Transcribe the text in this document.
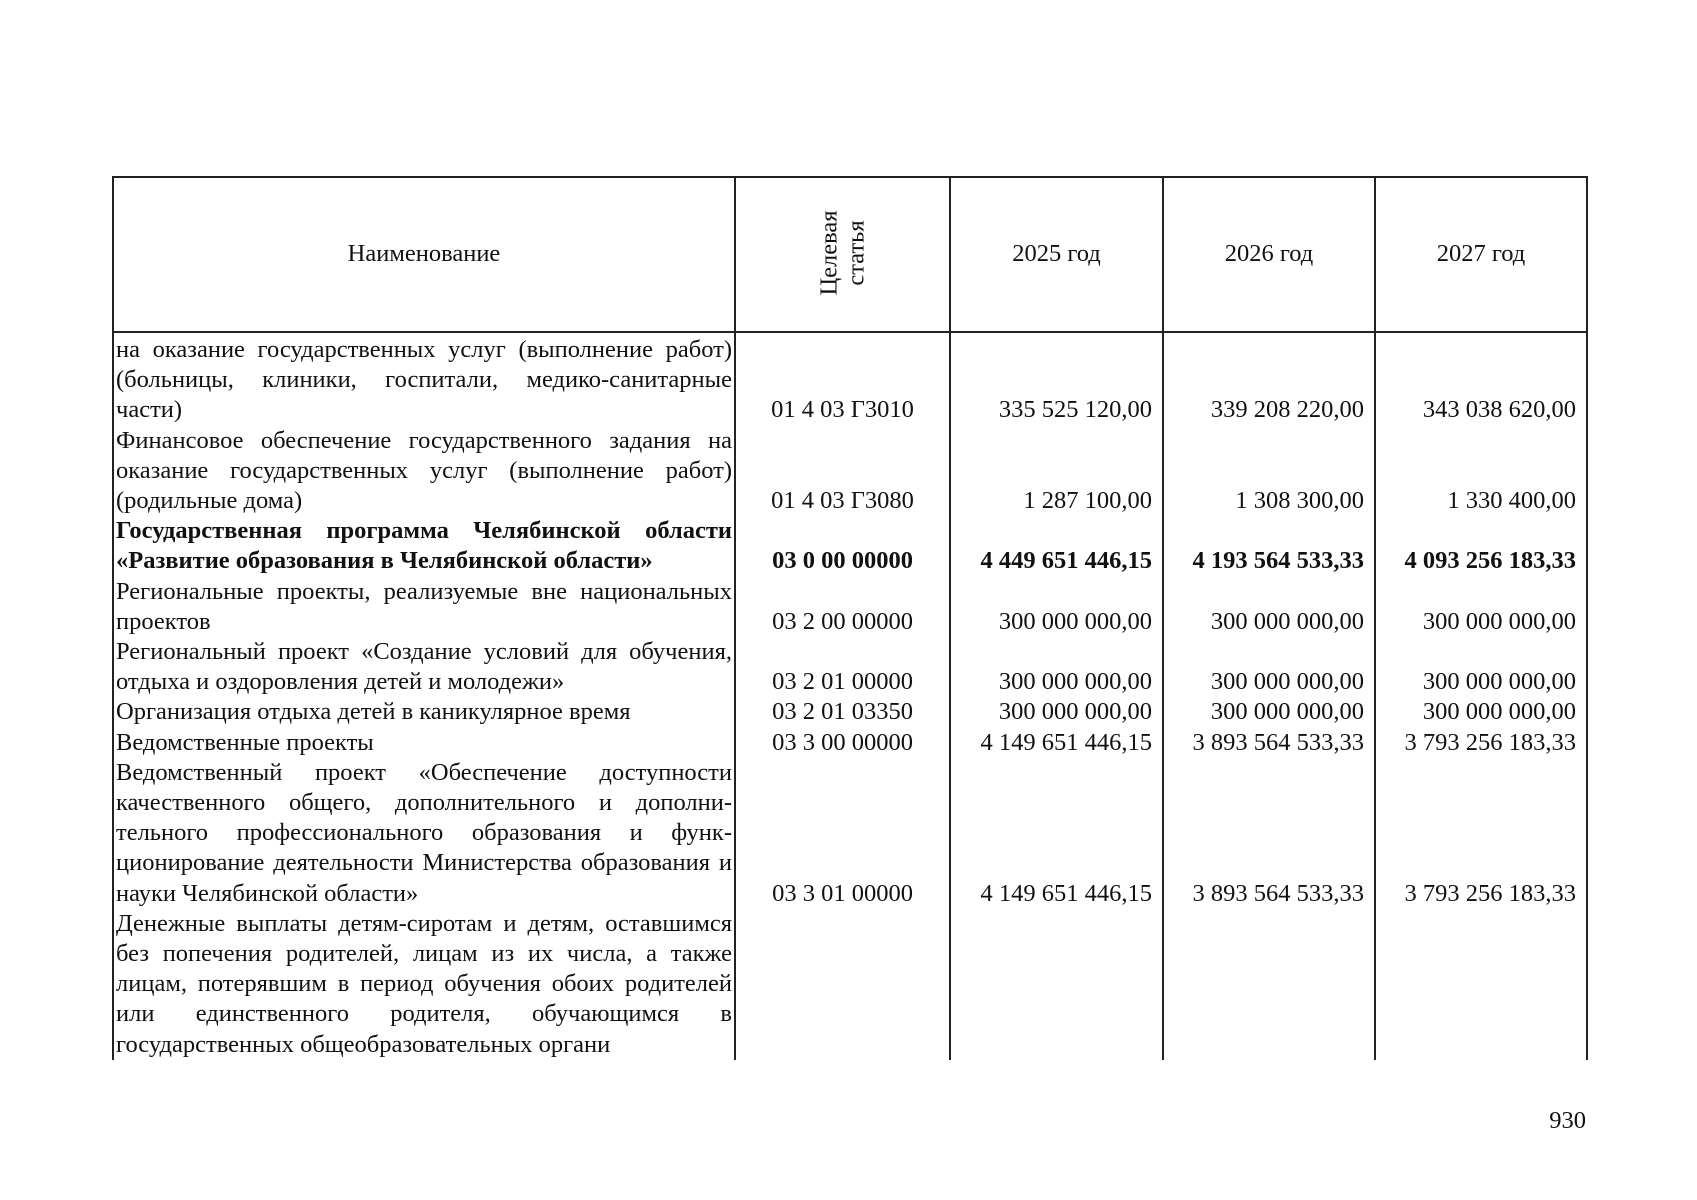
Наименование	Целевая статья	2025 год	2026 год	2027 год
на оказание государственных услуг (выполнение работ) (больницы, клиники, госпитали, медико-санитарные части)	01 4 03 Г3010	335 525 120,00	339 208 220,00	343 038 620,00
Финансовое обеспечение государственного задания на оказание государственных услуг (выполнение работ) (родильные дома)	01 4 03 Г3080	1 287 100,00	1 308 300,00	1 330 400,00
Государственная программа Челябинской области «Развитие образования в Челябинской области»	03 0 00 00000	4 449 651 446,15	4 193 564 533,33	4 093 256 183,33
Региональные проекты, реализуемые вне национальных проектов	03 2 00 00000	300 000 000,00	300 000 000,00	300 000 000,00
Региональный проект «Создание условий для обучения, отдыха и оздоровления детей и молодежи»	03 2 01 00000	300 000 000,00	300 000 000,00	300 000 000,00
Организация отдыха детей в каникулярное время	03 2 01 03350	300 000 000,00	300 000 000,00	300 000 000,00
Ведомственные проекты	03 3 00 00000	4 149 651 446,15	3 893 564 533,33	3 793 256 183,33
Ведомственный проект «Обеспечение доступности качественного общего, дополнительного и дополнительного профессионального образования и функционирование деятельности Министерства образования и науки Челябинской области»	03 3 01 00000	4 149 651 446,15	3 893 564 533,33	3 793 256 183,33
Денежные выплаты детям-сиротам и детям, оставшимся без попечения родителей, лицам из их числа, а также лицам, потерявшим в период обучения обоих родителей или единственного родителя, обучающимся в государственных общеобразовательных органи				
930
